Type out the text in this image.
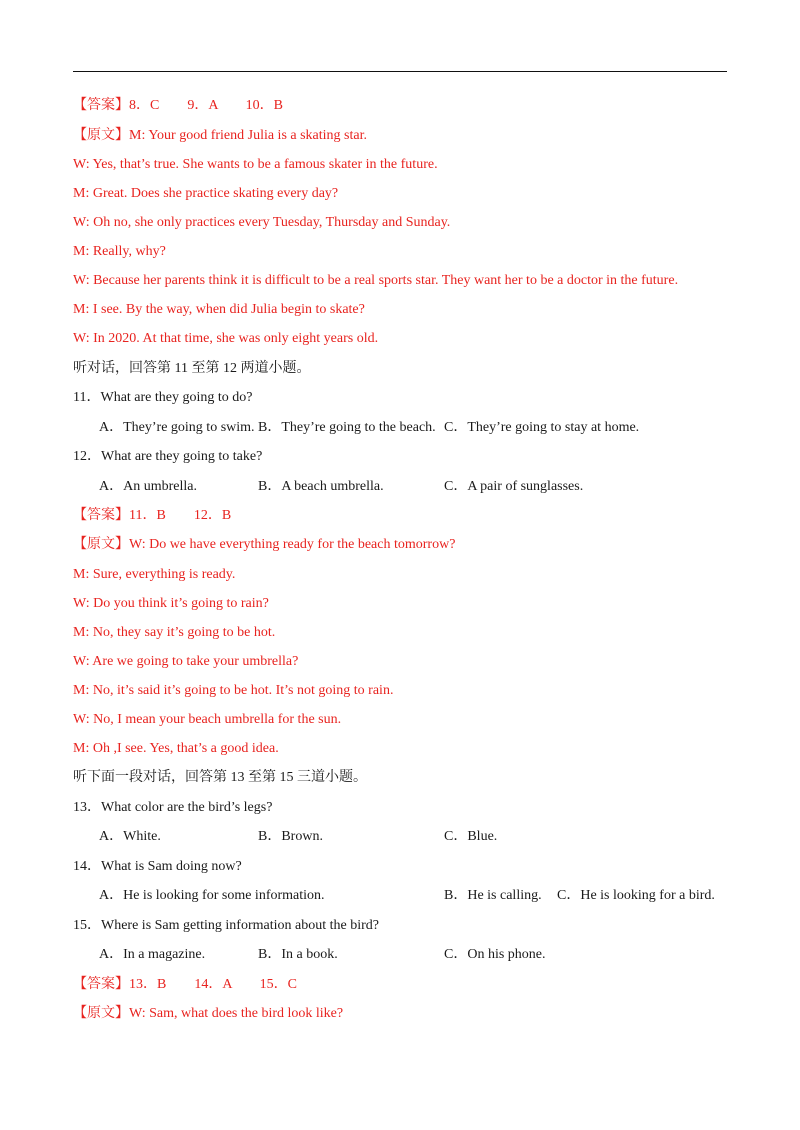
【答案】8．C　　9．A　　10．B
【原文】M: Your good friend Julia is a skating star.
W: Yes, that’s true. She wants to be a famous skater in the future.
M: Great. Does she practice skating every day?
W: Oh no, she only practices every Tuesday, Thursday and Sunday.
M: Really, why?
W: Because her parents think it is difficult to be a real sports star. They want her to be a doctor in the future.
M: I see. By the way, when did Julia begin to skate?
W: In 2020. At that time, she was only eight years old.
听对话，回答第 11 至第 12 两道小题。
11．What are they going to do?
A．They’re going to swim. B．They’re going to the beach. C．They’re going to stay at home.
12．What are they going to take?
A．An umbrella.	B．A beach umbrella.	C．A pair of sunglasses.
【答案】11．B　　12．B
【原文】W: Do we have everything ready for the beach tomorrow?
M: Sure, everything is ready.
W: Do you think it’s going to rain?
M: No, they say it’s going to be hot.
W: Are we going to take your umbrella?
M: No, it’s said it’s going to be hot. It’s not going to rain.
W: No, I mean your beach umbrella for the sun.
M: Oh ,I see. Yes, that’s a good idea.
听下面一段对话，回答第 13 至第 15 三道小题。
13．What color are the bird’s legs?
A．White.	B．Brown.	C．Blue.
14．What is Sam doing now?
A．He is looking for some information.	B．He is calling. C．He is looking for a bird.
15．Where is Sam getting information about the bird?
A．In a magazine.	B．In a book.	C．On his phone.
【答案】13．B　　14．A　　15．C
【原文】W: Sam, what does the bird look like?
